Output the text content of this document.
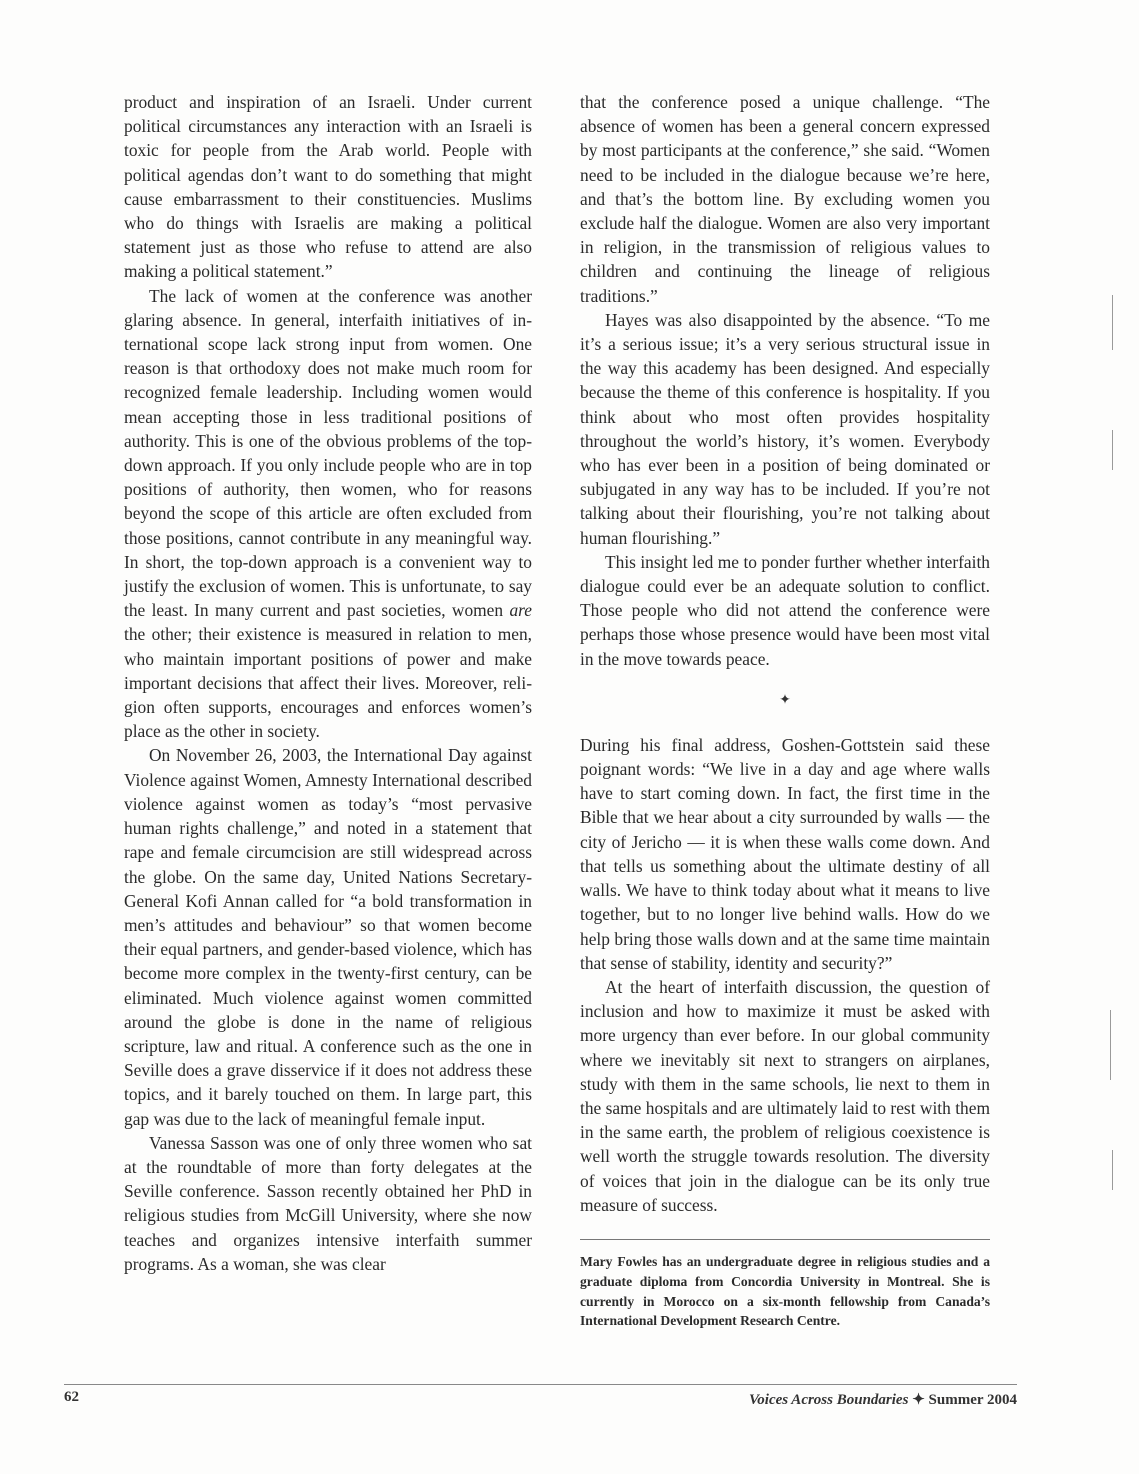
product and inspiration of an Israeli. Under current political circumstances any interaction with an Israeli is toxic for people from the Arab world. People with political agendas don’t want to do something that might cause embarrassment to their constituencies. Muslims who do things with Israelis are making a political statement just as those who refuse to attend are also making a political statement.”

The lack of women at the conference was another glaring absence. In general, interfaith initiatives of international scope lack strong input from women. One reason is that orthodoxy does not make much room for recognized female leadership. Including women would mean accepting those in less traditional positions of authority. This is one of the obvious problems of the top-down approach. If you only include people who are in top positions of authority, then women, who for reasons beyond the scope of this article are often excluded from those positions, cannot contribute in any meaningful way. In short, the top-down approach is a convenient way to justify the exclusion of women. This is unfortunate, to say the least. In many current and past societies, women are the other; their existence is measured in relation to men, who maintain important positions of power and make important decisions that affect their lives. Moreover, religion often supports, encourages and enforces women’s place as the other in society.

On November 26, 2003, the International Day against Violence against Women, Amnesty International described violence against women as today’s “most pervasive human rights challenge,” and noted in a statement that rape and female circumcision are still widespread across the globe. On the same day, United Nations Secretary-General Kofi Annan called for “a bold transformation in men’s attitudes and behaviour” so that women become their equal partners, and gender-based violence, which has become more complex in the twenty-first century, can be eliminated. Much violence against women committed around the globe is done in the name of religious scripture, law and ritual. A conference such as the one in Seville does a grave disservice if it does not address these topics, and it barely touched on them. In large part, this gap was due to the lack of meaningful female input.

Vanessa Sasson was one of only three women who sat at the roundtable of more than forty delegates at the Seville conference. Sasson recently obtained her PhD in religious studies from McGill University, where she now teaches and organizes intensive interfaith summer programs. As a woman, she was clear

that the conference posed a unique challenge. “The absence of women has been a general concern expressed by most participants at the conference,” she said. “Women need to be included in the dialogue because we’re here, and that’s the bottom line. By excluding women you exclude half the dialogue. Women are also very important in religion, in the transmission of religious values to children and continuing the lineage of religious traditions.”

Hayes was also disappointed by the absence. “To me it’s a serious issue; it’s a very serious structural issue in the way this academy has been designed. And especially because the theme of this conference is hospitality. If you think about who most often provides hospitality throughout the world’s history, it’s women. Everybody who has ever been in a position of being dominated or subjugated in any way has to be included. If you’re not talking about their flourishing, you’re not talking about human flourishing.”

This insight led me to ponder further whether interfaith dialogue could ever be an adequate solution to conflict. Those people who did not attend the conference were perhaps those whose presence would have been most vital in the move towards peace.

✦

During his final address, Goshen-Gottstein said these poignant words: “We live in a day and age where walls have to start coming down. In fact, the first time in the Bible that we hear about a city surrounded by walls — the city of Jericho — it is when these walls come down. And that tells us something about the ultimate destiny of all walls. We have to think today about what it means to live together, but to no longer live behind walls. How do we help bring those walls down and at the same time maintain that sense of stability, identity and security?”

At the heart of interfaith discussion, the question of inclusion and how to maximize it must be asked with more urgency than ever before. In our global community where we inevitably sit next to strangers on airplanes, study with them in the same schools, lie next to them in the same hospitals and are ultimately laid to rest with them in the same earth, the problem of religious coexistence is well worth the struggle towards resolution. The diversity of voices that join in the dialogue can be its only true measure of success.

Mary Fowles has an undergraduate degree in religious studies and a graduate diploma from Concordia University in Montreal. She is currently in Morocco on a six-month fellowship from Canada’s International Development Research Centre.

62	Voices Across Boundaries ✦ Summer 2004
